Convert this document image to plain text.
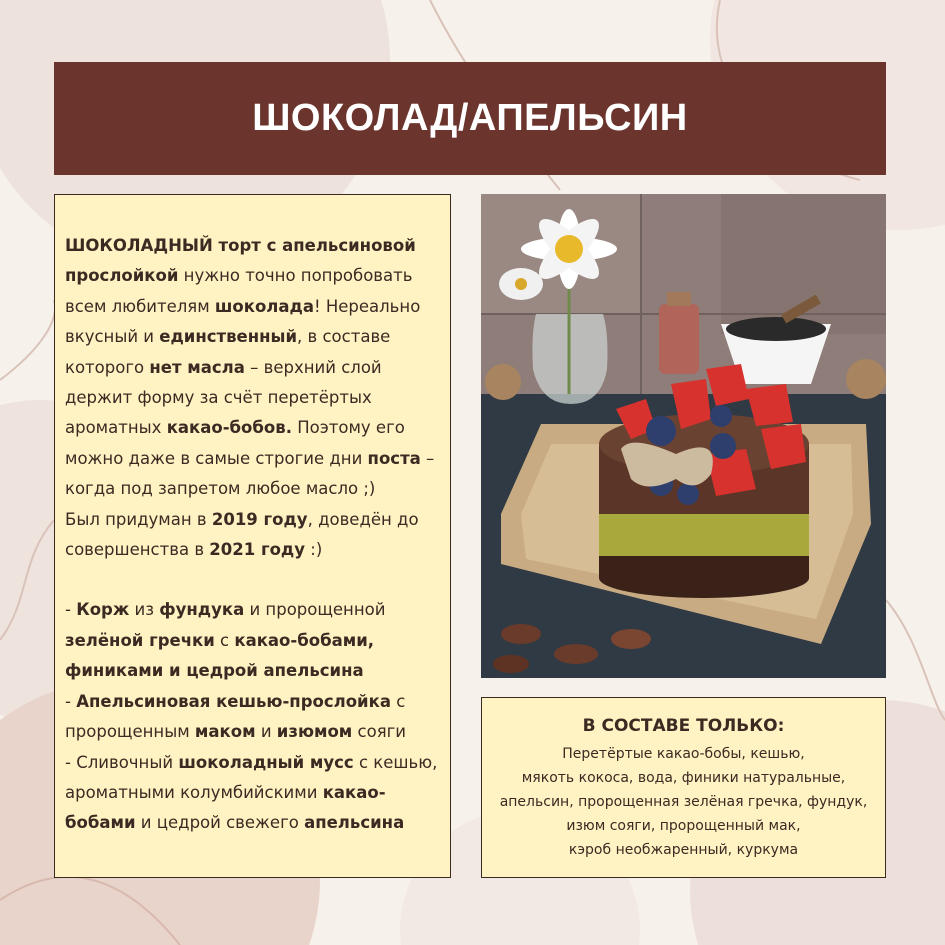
ШОКОЛАД/АПЕЛЬСИН

ШОКОЛАДНЫЙ торт с апельсиновой прослойкой нужно точно попробовать всем любителям шоколада! Нереально вкусный и единственный, в составе которого нет масла – верхний слой держит форму за счёт перетёртых ароматных какао-бобов. Поэтому его можно даже в самые строгие дни поста – когда под запретом любое масло ;)

Был придуман в 2019 году, доведён до совершенства в 2021 году :)

- Корж из фундука и пророщенной зелёной гречки с какао-бобами, финиками и цедрой апельсина

- Апельсиновая кешью-прослойка с пророщенным маком и изюмом сояги

- Сливочный шоколадный мусс с кешью, ароматными колумбийскими какао-бобами и цедрой свежего апельсина

В СОСТАВЕ ТОЛЬКО:
Перетёртые какао-бобы, кешью,
мякоть кокоса, вода, финики натуральные,
апельсин, пророщенная зелёная гречка, фундук,
изюм сояги, пророщенный мак,
кэроб необжаренный, куркума
